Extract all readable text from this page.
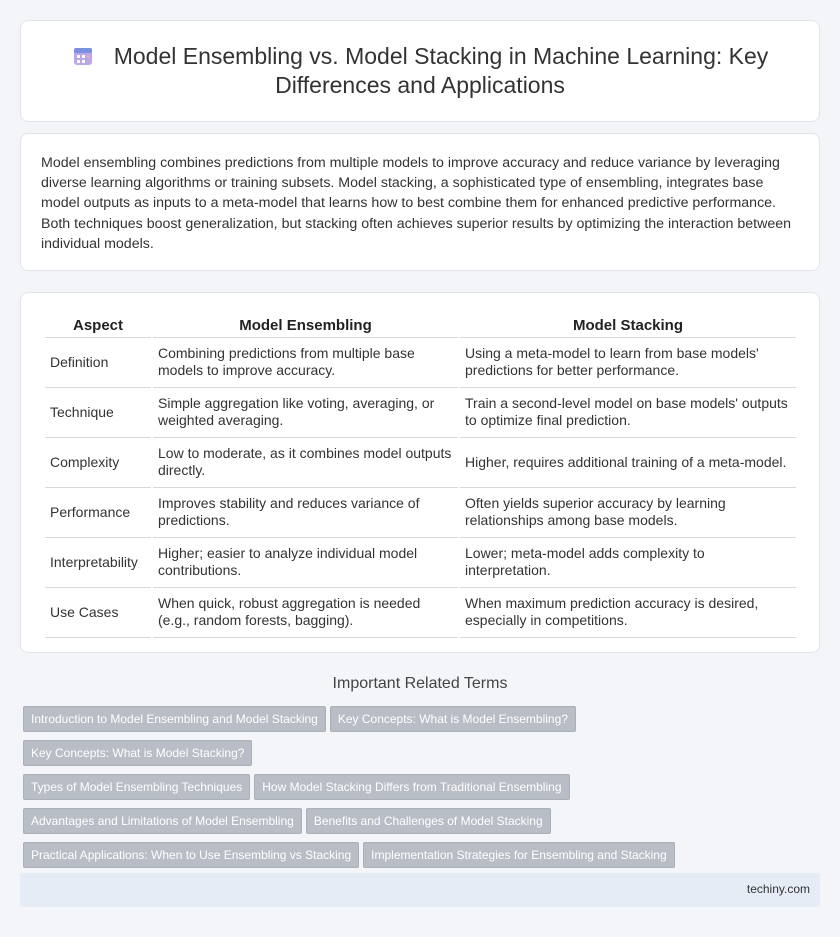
Model Ensembling vs. Model Stacking in Machine Learning: Key Differences and Applications

Model ensembling combines predictions from multiple models to improve accuracy and reduce variance by leveraging diverse learning algorithms or training subsets. Model stacking, a sophisticated type of ensembling, integrates base model outputs as inputs to a meta-model that learns how to best combine them for enhanced predictive performance. Both techniques boost generalization, but stacking often achieves superior results by optimizing the interaction between individual models.

Aspect	Model Ensembling	Model Stacking
Definition	Combining predictions from multiple base models to improve accuracy.	Using a meta-model to learn from base models' predictions for better performance.
Technique	Simple aggregation like voting, averaging, or weighted averaging.	Train a second-level model on base models' outputs to optimize final prediction.
Complexity	Low to moderate, as it combines model outputs directly.	Higher, requires additional training of a meta-model.
Performance	Improves stability and reduces variance of predictions.	Often yields superior accuracy by learning relationships among base models.
Interpretability	Higher; easier to analyze individual model contributions.	Lower; meta-model adds complexity to interpretation.
Use Cases	When quick, robust aggregation is needed (e.g., random forests, bagging).	When maximum prediction accuracy is desired, especially in competitions.
Important Related Terms
Introduction to Model Ensembling and Model Stacking Key Concepts: What is Model Ensembling?Key Concepts: What is Model Stacking?
Types of Model Ensembling Techniques How Model Stacking Differs from Traditional Ensembling
Advantages and Limitations of Model Ensembling Benefits and Challenges of Model Stacking
Practical Applications: When to Use Ensembling vs Stacking Implementation Strategies for Ensembling and Stacking

techiny.com
